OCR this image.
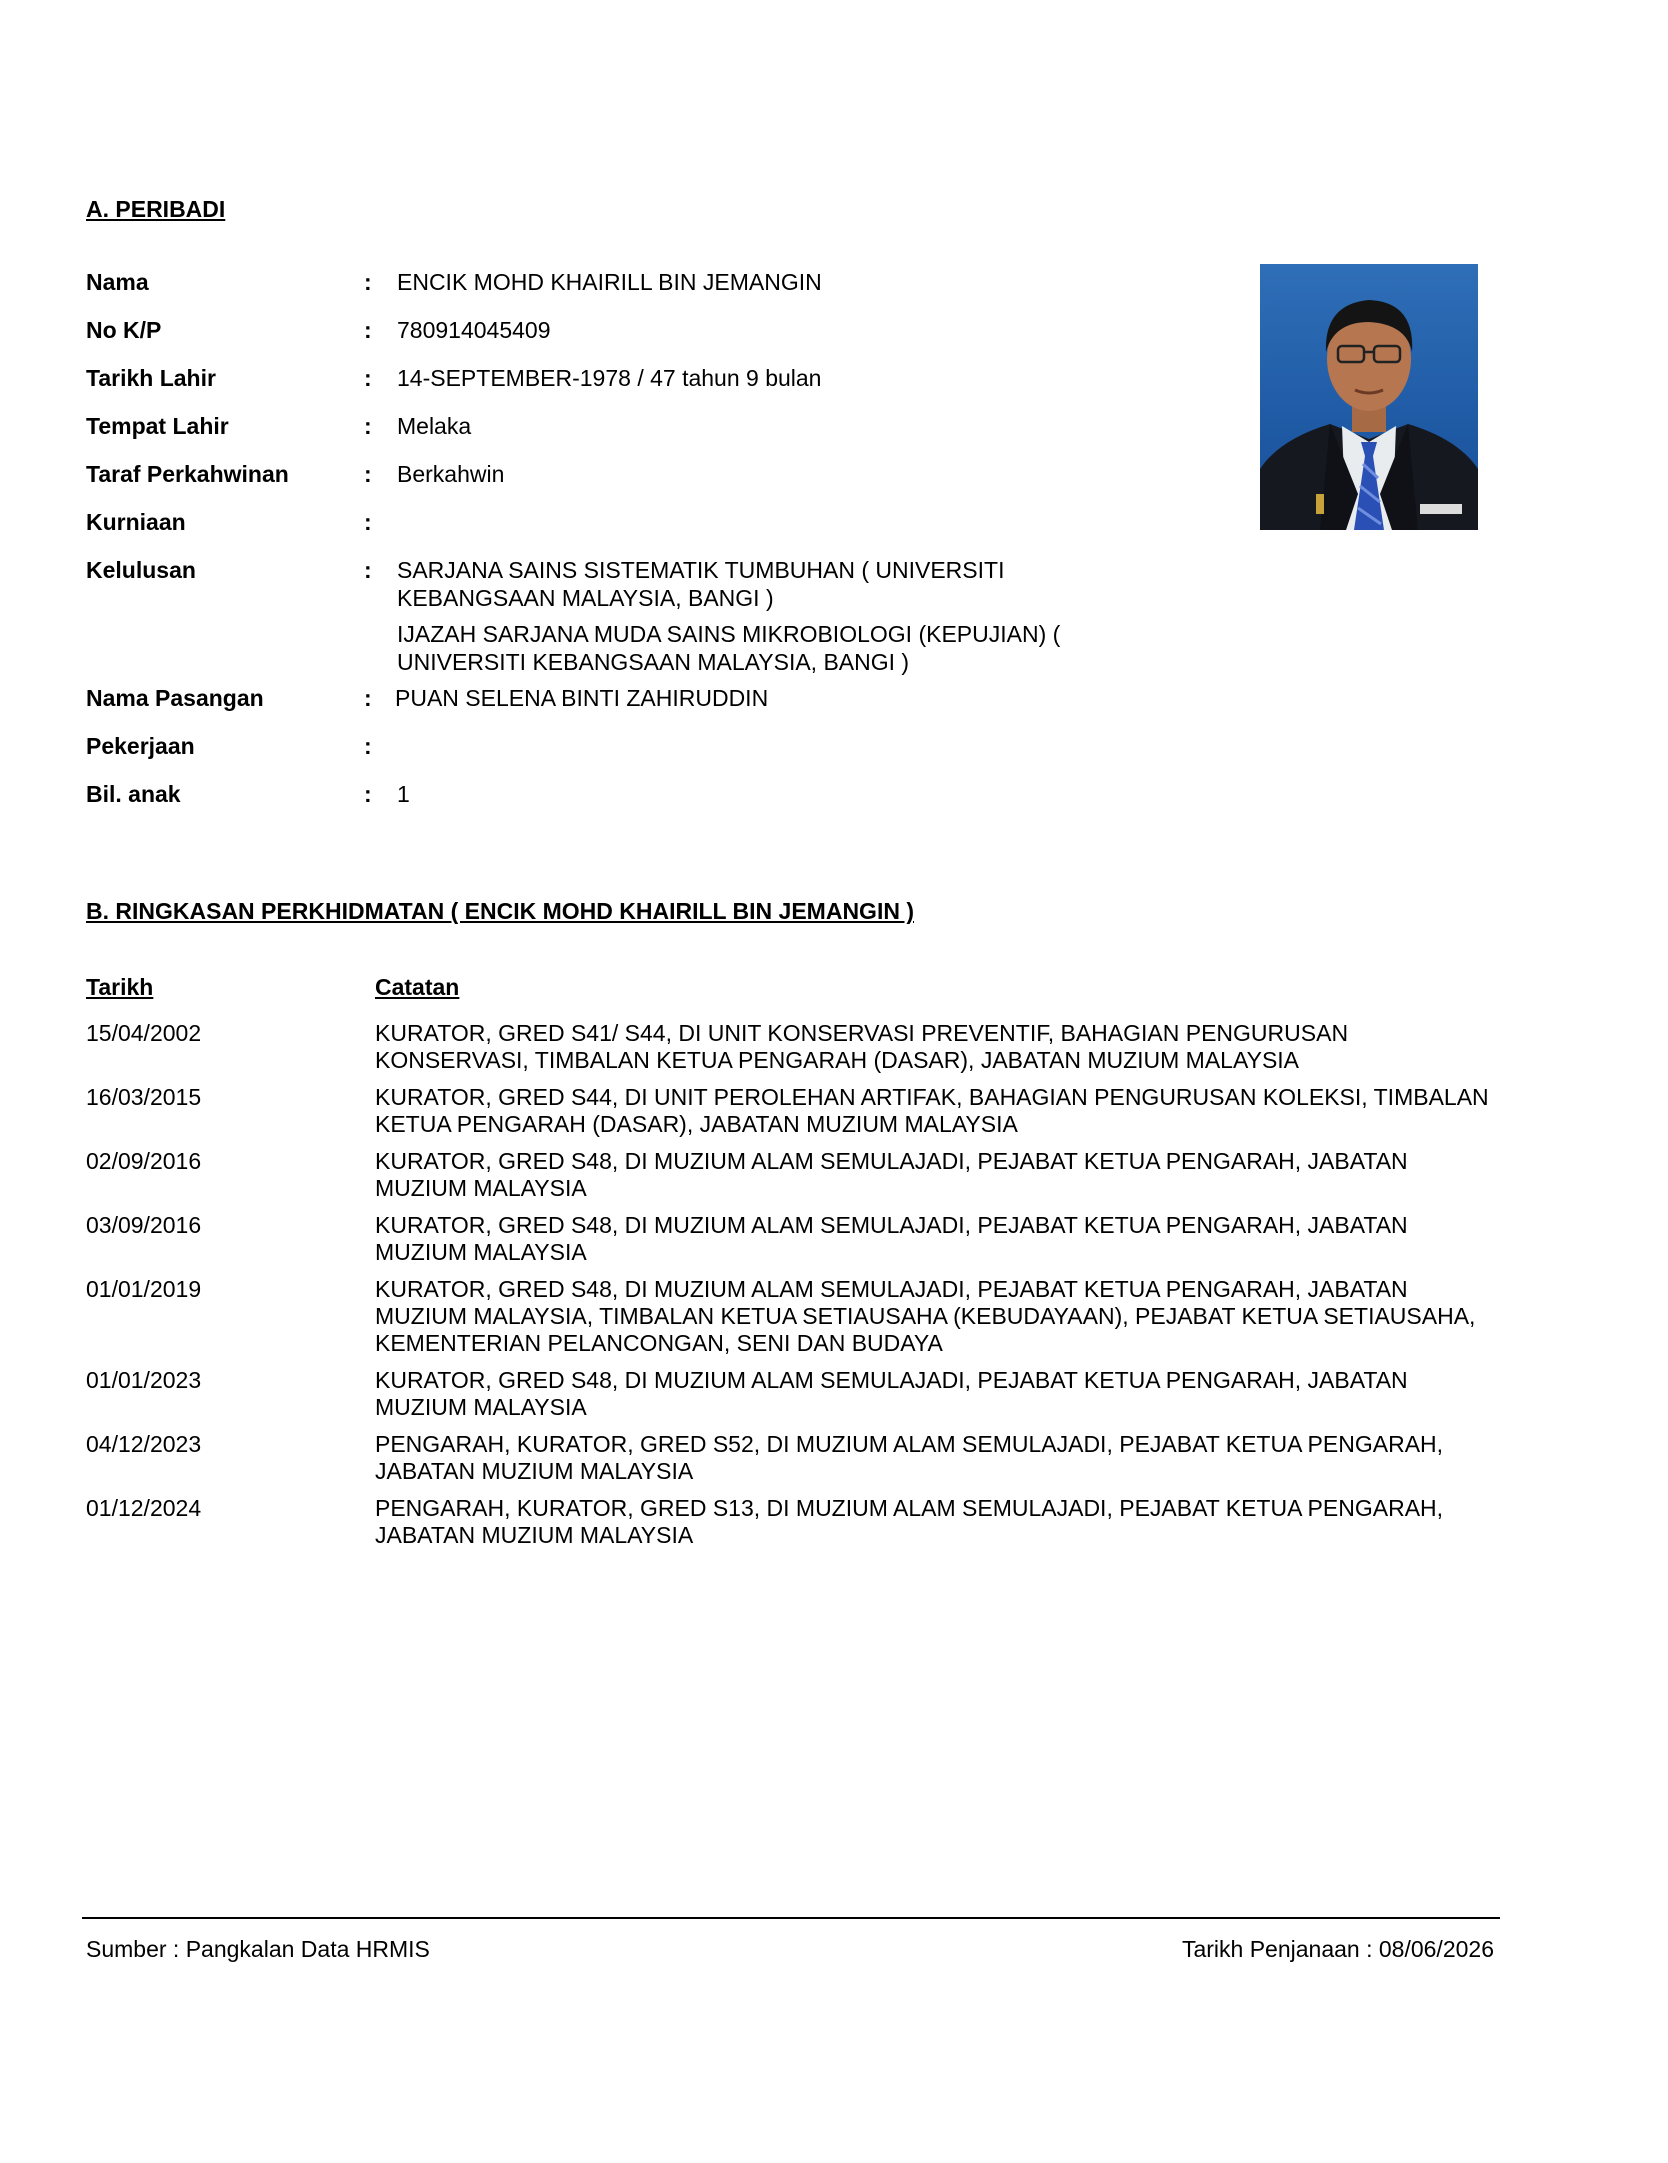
A. PERIBADI
Nama	:	ENCIK MOHD KHAIRILL BIN JEMANGIN
No K/P	:	780914045409
Tarikh Lahir	:	14-SEPTEMBER-1978 / 47 tahun 9 bulan
Tempat Lahir	:	Melaka
Taraf Perkahwinan	:	Berkahwin
Kurniaan	:
Kelulusan	:	SARJANA SAINS SISTEMATIK TUMBUHAN ( UNIVERSITI KEBANGSAAN MALAYSIA, BANGI )
IJAZAH SARJANA MUDA SAINS MIKROBIOLOGI (KEPUJIAN) ( UNIVERSITI KEBANGSAAN MALAYSIA, BANGI )
Nama Pasangan	:	PUAN SELENA BINTI ZAHIRUDDIN
Pekerjaan	:
Bil. anak	:	1
B. RINGKASAN PERKHIDMATAN ( ENCIK MOHD KHAIRILL BIN JEMANGIN )
Tarikh	Catatan
15/04/2002	KURATOR, GRED S41/ S44, DI UNIT KONSERVASI PREVENTIF, BAHAGIAN PENGURUSAN KONSERVASI, TIMBALAN KETUA PENGARAH (DASAR), JABATAN MUZIUM MALAYSIA
16/03/2015	KURATOR, GRED S44, DI UNIT PEROLEHAN ARTIFAK, BAHAGIAN PENGURUSAN KOLEKSI, TIMBALAN KETUA PENGARAH (DASAR), JABATAN MUZIUM MALAYSIA
02/09/2016	KURATOR, GRED S48, DI MUZIUM ALAM SEMULAJADI, PEJABAT KETUA PENGARAH, JABATAN MUZIUM MALAYSIA
03/09/2016	KURATOR, GRED S48, DI MUZIUM ALAM SEMULAJADI, PEJABAT KETUA PENGARAH, JABATAN MUZIUM MALAYSIA
01/01/2019	KURATOR, GRED S48, DI MUZIUM ALAM SEMULAJADI, PEJABAT KETUA PENGARAH, JABATAN MUZIUM MALAYSIA, TIMBALAN KETUA SETIAUSAHA (KEBUDAYAAN), PEJABAT KETUA SETIAUSAHA, KEMENTERIAN PELANCONGAN, SENI DAN BUDAYA
01/01/2023	KURATOR, GRED S48, DI MUZIUM ALAM SEMULAJADI, PEJABAT KETUA PENGARAH, JABATAN MUZIUM MALAYSIA
04/12/2023	PENGARAH, KURATOR, GRED S52, DI MUZIUM ALAM SEMULAJADI, PEJABAT KETUA PENGARAH, JABATAN MUZIUM MALAYSIA
01/12/2024	PENGARAH, KURATOR, GRED S13, DI MUZIUM ALAM SEMULAJADI, PEJABAT KETUA PENGARAH, JABATAN MUZIUM MALAYSIA
Sumber : Pangkalan Data HRMIS	Tarikh Penjanaan : 08/06/2026
